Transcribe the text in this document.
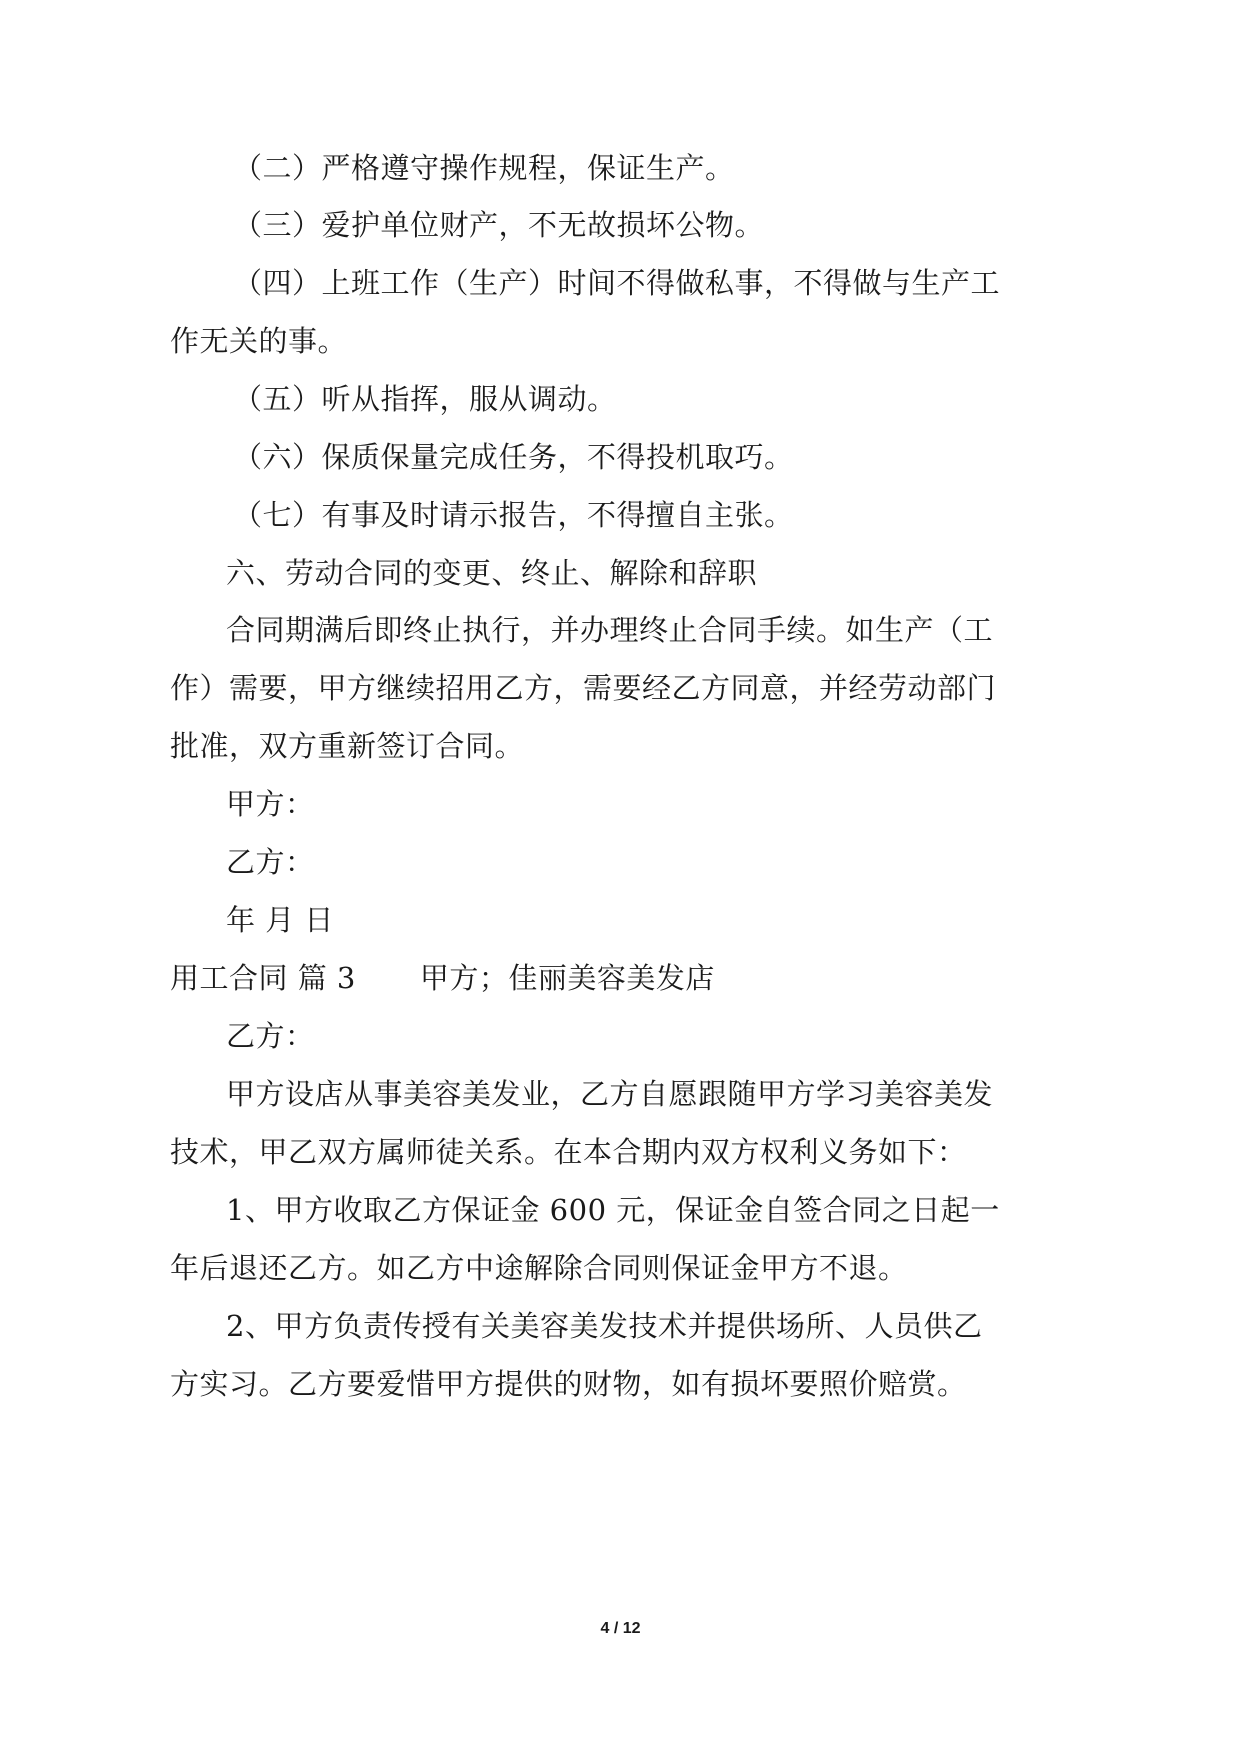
（二）严格遵守操作规程，保证生产。
（三）爱护单位财产，不无故损坏公物。
（四）上班工作（生产）时间不得做私事，不得做与生产工
作无关的事。
（五）听从指挥，服从调动。
（六）保质保量完成任务，不得投机取巧。
（七）有事及时请示报告，不得擅自主张。
六、劳动合同的变更、终止、解除和辞职
合同期满后即终止执行，并办理终止合同手续。如生产（工
作）需要，甲方继续招用乙方，需要经乙方同意，并经劳动部门
批准，双方重新签订合同。
甲方：
乙方：
年 月 日
用工合同 篇 3 甲方；佳丽美容美发店
乙方：
甲方设店从事美容美发业，乙方自愿跟随甲方学习美容美发
技术，甲乙双方属师徒关系。在本合期内双方权利义务如下：
1、甲方收取乙方保证金 600 元，保证金自签合同之日起一
年后退还乙方。如乙方中途解除合同则保证金甲方不退。
2、甲方负责传授有关美容美发技术并提供场所、人员供乙
方实习。乙方要爱惜甲方提供的财物，如有损坏要照价赔赏。
4 / 12
